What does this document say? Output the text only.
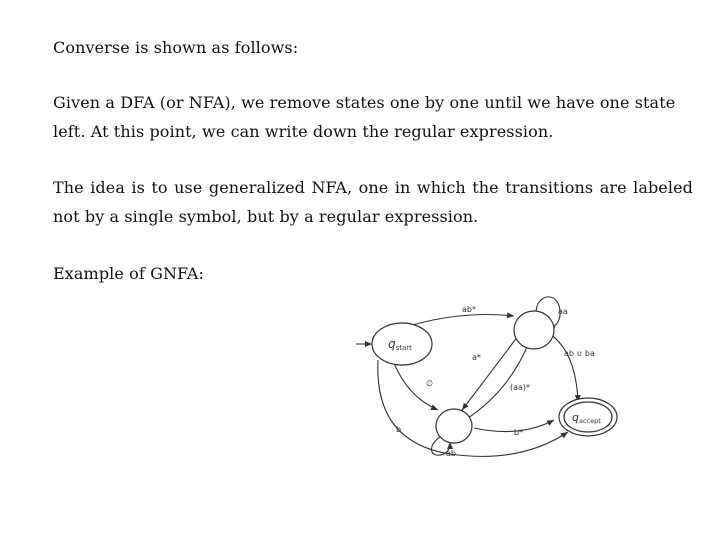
Converse is shown as follows:

Given a DFA (or NFA), we remove states one by one until we have one state left. At this point, we can write down the regular expression.

The idea is to use generalized NFA, one in which the transitions are labeled not by a single symbol, but by a regular expression.

Example of GNFA:

qstart
qaccept
ab*	aa
ab ∪ ba
a*
∅	(aa)*
b	b*
ab
